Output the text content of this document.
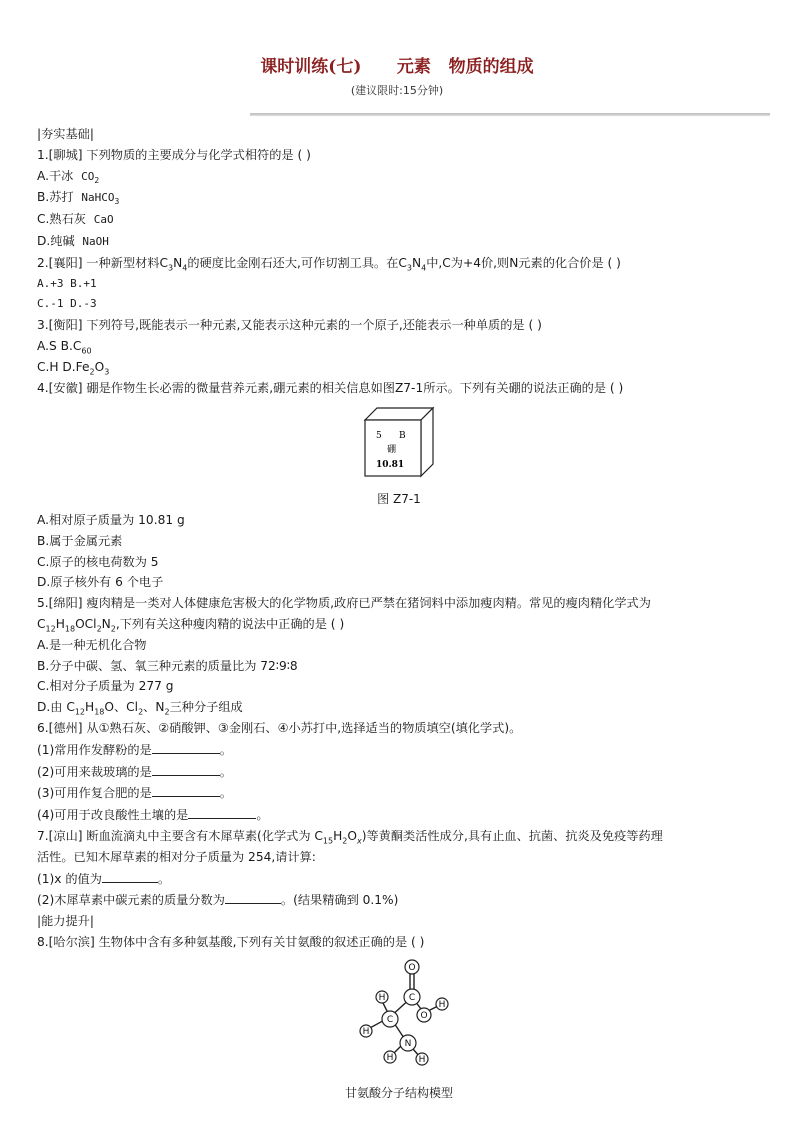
课时训练(七)      元素   物质的组成
(建议限时:15分钟)
|夯实基础|
1.[聊城] 下列物质的主要成分与化学式相符的是 ( )
A.干冰 $CO_2$
B.苏打 NaHCO$_3$
C.熟石灰 CaO
D.纯碱 NaOH
2.[襄阳] 一种新型材料$C_3N_4$的硬度比金刚石还大,可作切割工具。在$C_3N_4$中,C为+4价,则N元素的化合价是 ( )
A.+3 B.+1
C.-1 D.-3
3.[衡阳] 下列符号,既能表示一种元素,又能表示这种元素的一个原子,还能表示一种单质的是 ( )
A.S $B.C_{60}$
C.H $D.Fe_2O_3$
4.[安徽] 硼是作物生长必需的微量营养元素,硼元素的相关信息如图Z7-1所示。下列有关硼的说法正确的是 ( )
5 B
硼
10.81
图 Z7-1
A.相对原子质量为 10.81 g
B.属于金属元素
C.原子的核电荷数为 5
D.原子核外有 6 个电子
5.[绵阳] 瘦肉精是一类对人体健康危害极大的化学物质,政府已严禁在猪饲料中添加瘦肉精。常见的瘦肉精化学式为
$C_{12}H_{18}OCl_2N_2$,下列有关这种瘦肉精的说法中正确的是 ( )
A.是一种无机化合物
B.分子中碳、氢、氧三种元素的质量比为 72∶9∶8
C.相对分子质量为 277 g
D.由 $C_{12}H_{18}O$、$Cl_2$、$N_2$三种分子组成
6.[德州] 从①熟石灰、②硝酸钾、③金刚石、④小苏打中,选择适当的物质填空(填化学式)。
(1)常用作发酵粉的是	。
(2)可用来裁玻璃的是	。
(3)可用作复合肥的是	。
(4)可用于改良酸性土壤的是	。
7.[凉山] 断血流滴丸中主要含有木犀草素(化学式为 $C_{15}H_2O_x$)等黄酮类活性成分,具有止血、抗菌、抗炎及免疫等药理
活性。已知木犀草素的相对分子质量为 254,请计算:
(1)x 的值为	。
(2)木犀草素中碳元素的质量分数为	。(结果精确到 0.1%)
|能力提升|
8.[哈尔滨] 生物体中含有多种氨基酸,下列有关甘氨酸的叙述正确的是 ( )
O
H	C
O
H
H
C
H
N
H
甘氨酸分子结构模型
